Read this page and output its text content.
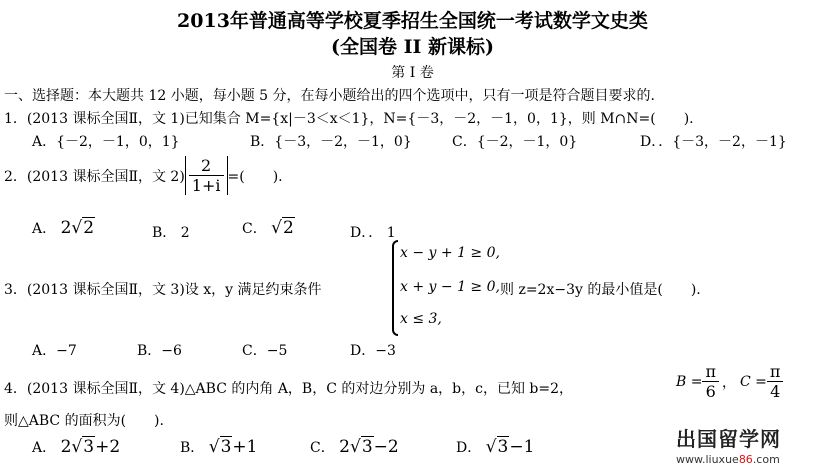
2013年普通高等学校夏季招生全国统一考试数学文史类
(全国卷 II 新课标)
第 I 卷
一、选择题：本大题共 12 小题，每小题 5 分，在每小题给出的四个选项中，只有一项是符合题目要求的.
1．(2013 课标全国Ⅱ，文 1)已知集合 M={x|－3＜x＜1}，N={－3，－2，－1，0，1}，则 M∩N=(　　).
A．{－2，－1，0，1}	B．{－3，－2，－1，0}	C．{－2，－1，0}	D．．{－3，－2，－1}
2．(2013 课标全国Ⅱ，文 $2) \frac{2}{1+i}$ =(　　).
A． 2√2	B． 2	C． √2	D．． 1
3．(2013 课标全国Ⅱ，文 3)设 x，y 满足约束条件
x − y + 1 ≥ 0,
x + y − 1 ≥ 0,
x ≤ 3,
则 z=2x−3y 的最小值是(　　).
A．−7	B．−6	C．−5	D．−3
4．(2013 课标全国Ⅱ，文 4)△ABC 的内角 A，B，C 的对边分别为 a，b，c，已知 b=2，	$B = \frac{\pi}{6}$ ， $C = \frac{\pi}{4}$
则△ABC 的面积为(　　).
A． 2√3+2	B． √3+1	C． 2√3−2	D． √3−1	出国留学网
www.liuxue86.com
